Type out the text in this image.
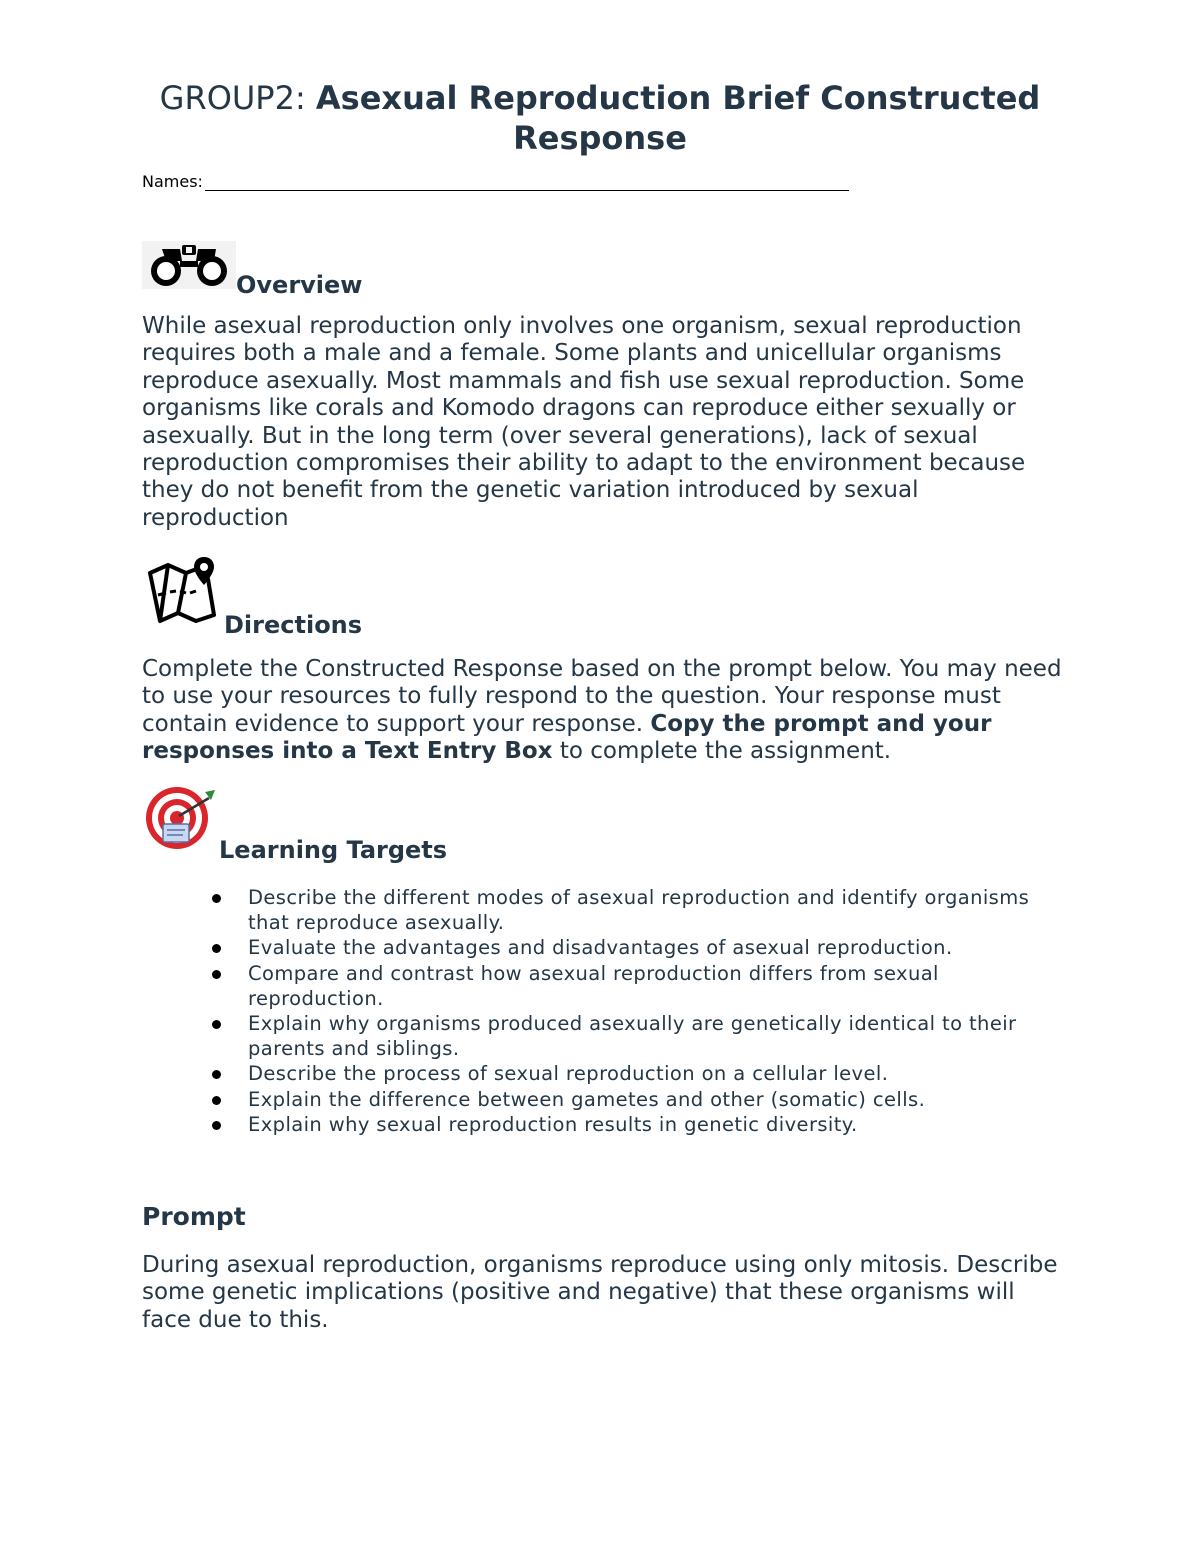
GROUP2: Asexual Reproduction Brief Constructed Response
Names:
Overview

While asexual reproduction only involves one organism, sexual reproduction requires both a male and a female. Some plants and unicellular organisms reproduce asexually. Most mammals and fish use sexual reproduction. Some organisms like corals and Komodo dragons can reproduce either sexually or asexually. But in the long term (over several generations), lack of sexual reproduction compromises their ability to adapt to the environment because they do not benefit from the genetic variation introduced by sexual reproduction

Directions

Complete the Constructed Response based on the prompt below. You may need to use your resources to fully respond to the question. Your response must contain evidence to support your response. Copy the prompt and your responses into a Text Entry Box to complete the assignment.

Learning Targets
Describe the different modes of asexual reproduction and identify organisms that reproduce asexually.
Evaluate the advantages and disadvantages of asexual reproduction.
Compare and contrast how asexual reproduction differs from sexual reproduction.
Explain why organisms produced asexually are genetically identical to their parents and siblings.
Describe the process of sexual reproduction on a cellular level.
Explain the difference between gametes and other (somatic) cells.
Explain why sexual reproduction results in genetic diversity.
Prompt

During asexual reproduction, organisms reproduce using only mitosis. Describe some genetic implications (positive and negative) that these organisms will face due to this.
